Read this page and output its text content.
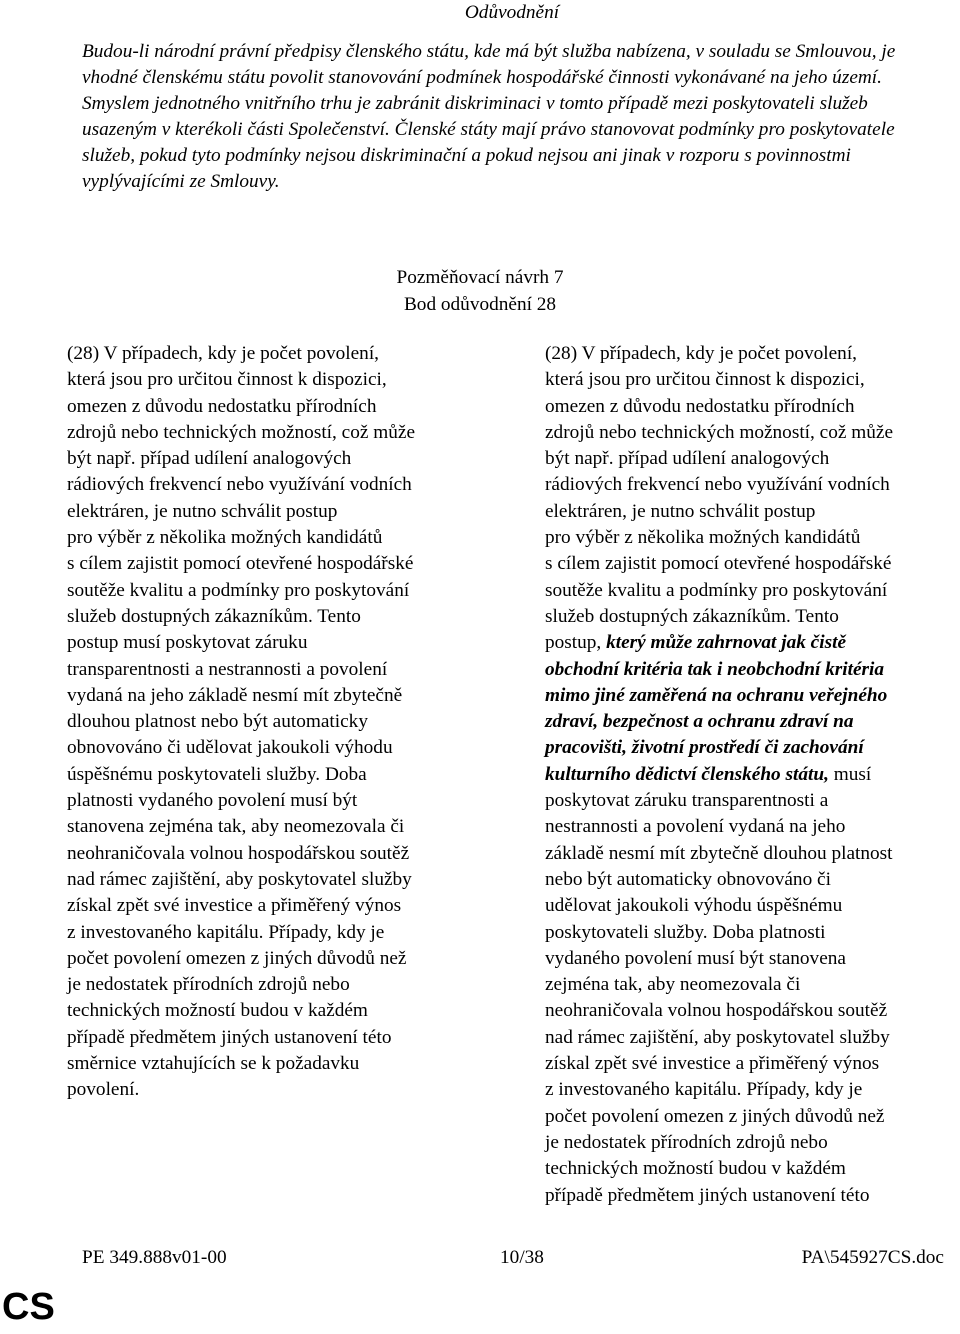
Odůvodnění

Budou-li národní právní předpisy členského státu, kde má být služba nabízena, v souladu se Smlouvou, je vhodné členskému státu povolit stanovování podmínek hospodářské činnosti vykonávané na jeho území. Smyslem jednotného vnitřního trhu je zabránit diskriminaci v tomto případě mezi poskytovateli služeb usazeným v kterékoli části Společenství. Členské státy mají právo stanovovat podmínky pro poskytovatele služeb, pokud tyto podmínky nejsou diskriminační a pokud nejsou ani jinak v rozporu s povinnostmi vyplývajícími ze Smlouvy.

Pozměňovací návrh 7
Bod odůvodnění 28
(28) V případech, kdy je počet povolení,
která jsou pro určitou činnost k dispozici,
omezen z důvodu nedostatku přírodních
zdrojů nebo technických možností, což může
být např. případ udílení analogových
rádiových frekvencí nebo využívání vodních
elektráren, je nutno schválit postup
pro výběr z několika možných kandidátů
s cílem zajistit pomocí otevřené hospodářské
soutěže kvalitu a podmínky pro poskytování
služeb dostupných zákazníkům. Tento
postup musí poskytovat záruku
transparentnosti a nestrannosti a povolení
vydaná na jeho základě nesmí mít zbytečně
dlouhou platnost nebo být automaticky
obnovováno či udělovat jakoukoli výhodu
úspěšnému poskytovateli služby. Doba
platnosti vydaného povolení musí být
stanovena zejména tak, aby neomezovala či
neohraničovala volnou hospodářskou soutěž
nad rámec zajištění, aby poskytovatel služby
získal zpět své investice a přiměřený výnos
z investovaného kapitálu. Případy, kdy je
počet povolení omezen z jiných důvodů než
je nedostatek přírodních zdrojů nebo
technických možností budou v každém
případě předmětem jiných ustanovení této
směrnice vztahujících se k požadavku
povolení.
(28) V případech, kdy je počet povolení,
která jsou pro určitou činnost k dispozici,
omezen z důvodu nedostatku přírodních
zdrojů nebo technických možností, což může
být např. případ udílení analogových
rádiových frekvencí nebo využívání vodních
elektráren, je nutno schválit postup
pro výběr z několika možných kandidátů
s cílem zajistit pomocí otevřené hospodářské
soutěže kvalitu a podmínky pro poskytování
služeb dostupných zákazníkům. Tento
postup, který může zahrnovat jak čistě
obchodní kritéria tak i neobchodní kritéria
mimo jiné zaměřená na ochranu veřejného
zdraví, bezpečnost a ochranu zdraví na
pracovišti, životní prostředí či zachování
kulturního dědictví členského státu, musí
poskytovat záruku transparentnosti a
nestrannosti a povolení vydaná na jeho
základě nesmí mít zbytečně dlouhou platnost
nebo být automaticky obnovováno či
udělovat jakoukoli výhodu úspěšnému
poskytovateli služby. Doba platnosti
vydaného povolení musí být stanovena
zejména tak, aby neomezovala či
neohraničovala volnou hospodářskou soutěž
nad rámec zajištění, aby poskytovatel služby
získal zpět své investice a přiměřený výnos
z investovaného kapitálu. Případy, kdy je
počet povolení omezen z jiných důvodů než
je nedostatek přírodních zdrojů nebo
technických možností budou v každém
případě předmětem jiných ustanovení této
PE 349.888v01-00	10/38	PA\545927CS.doc
CS
